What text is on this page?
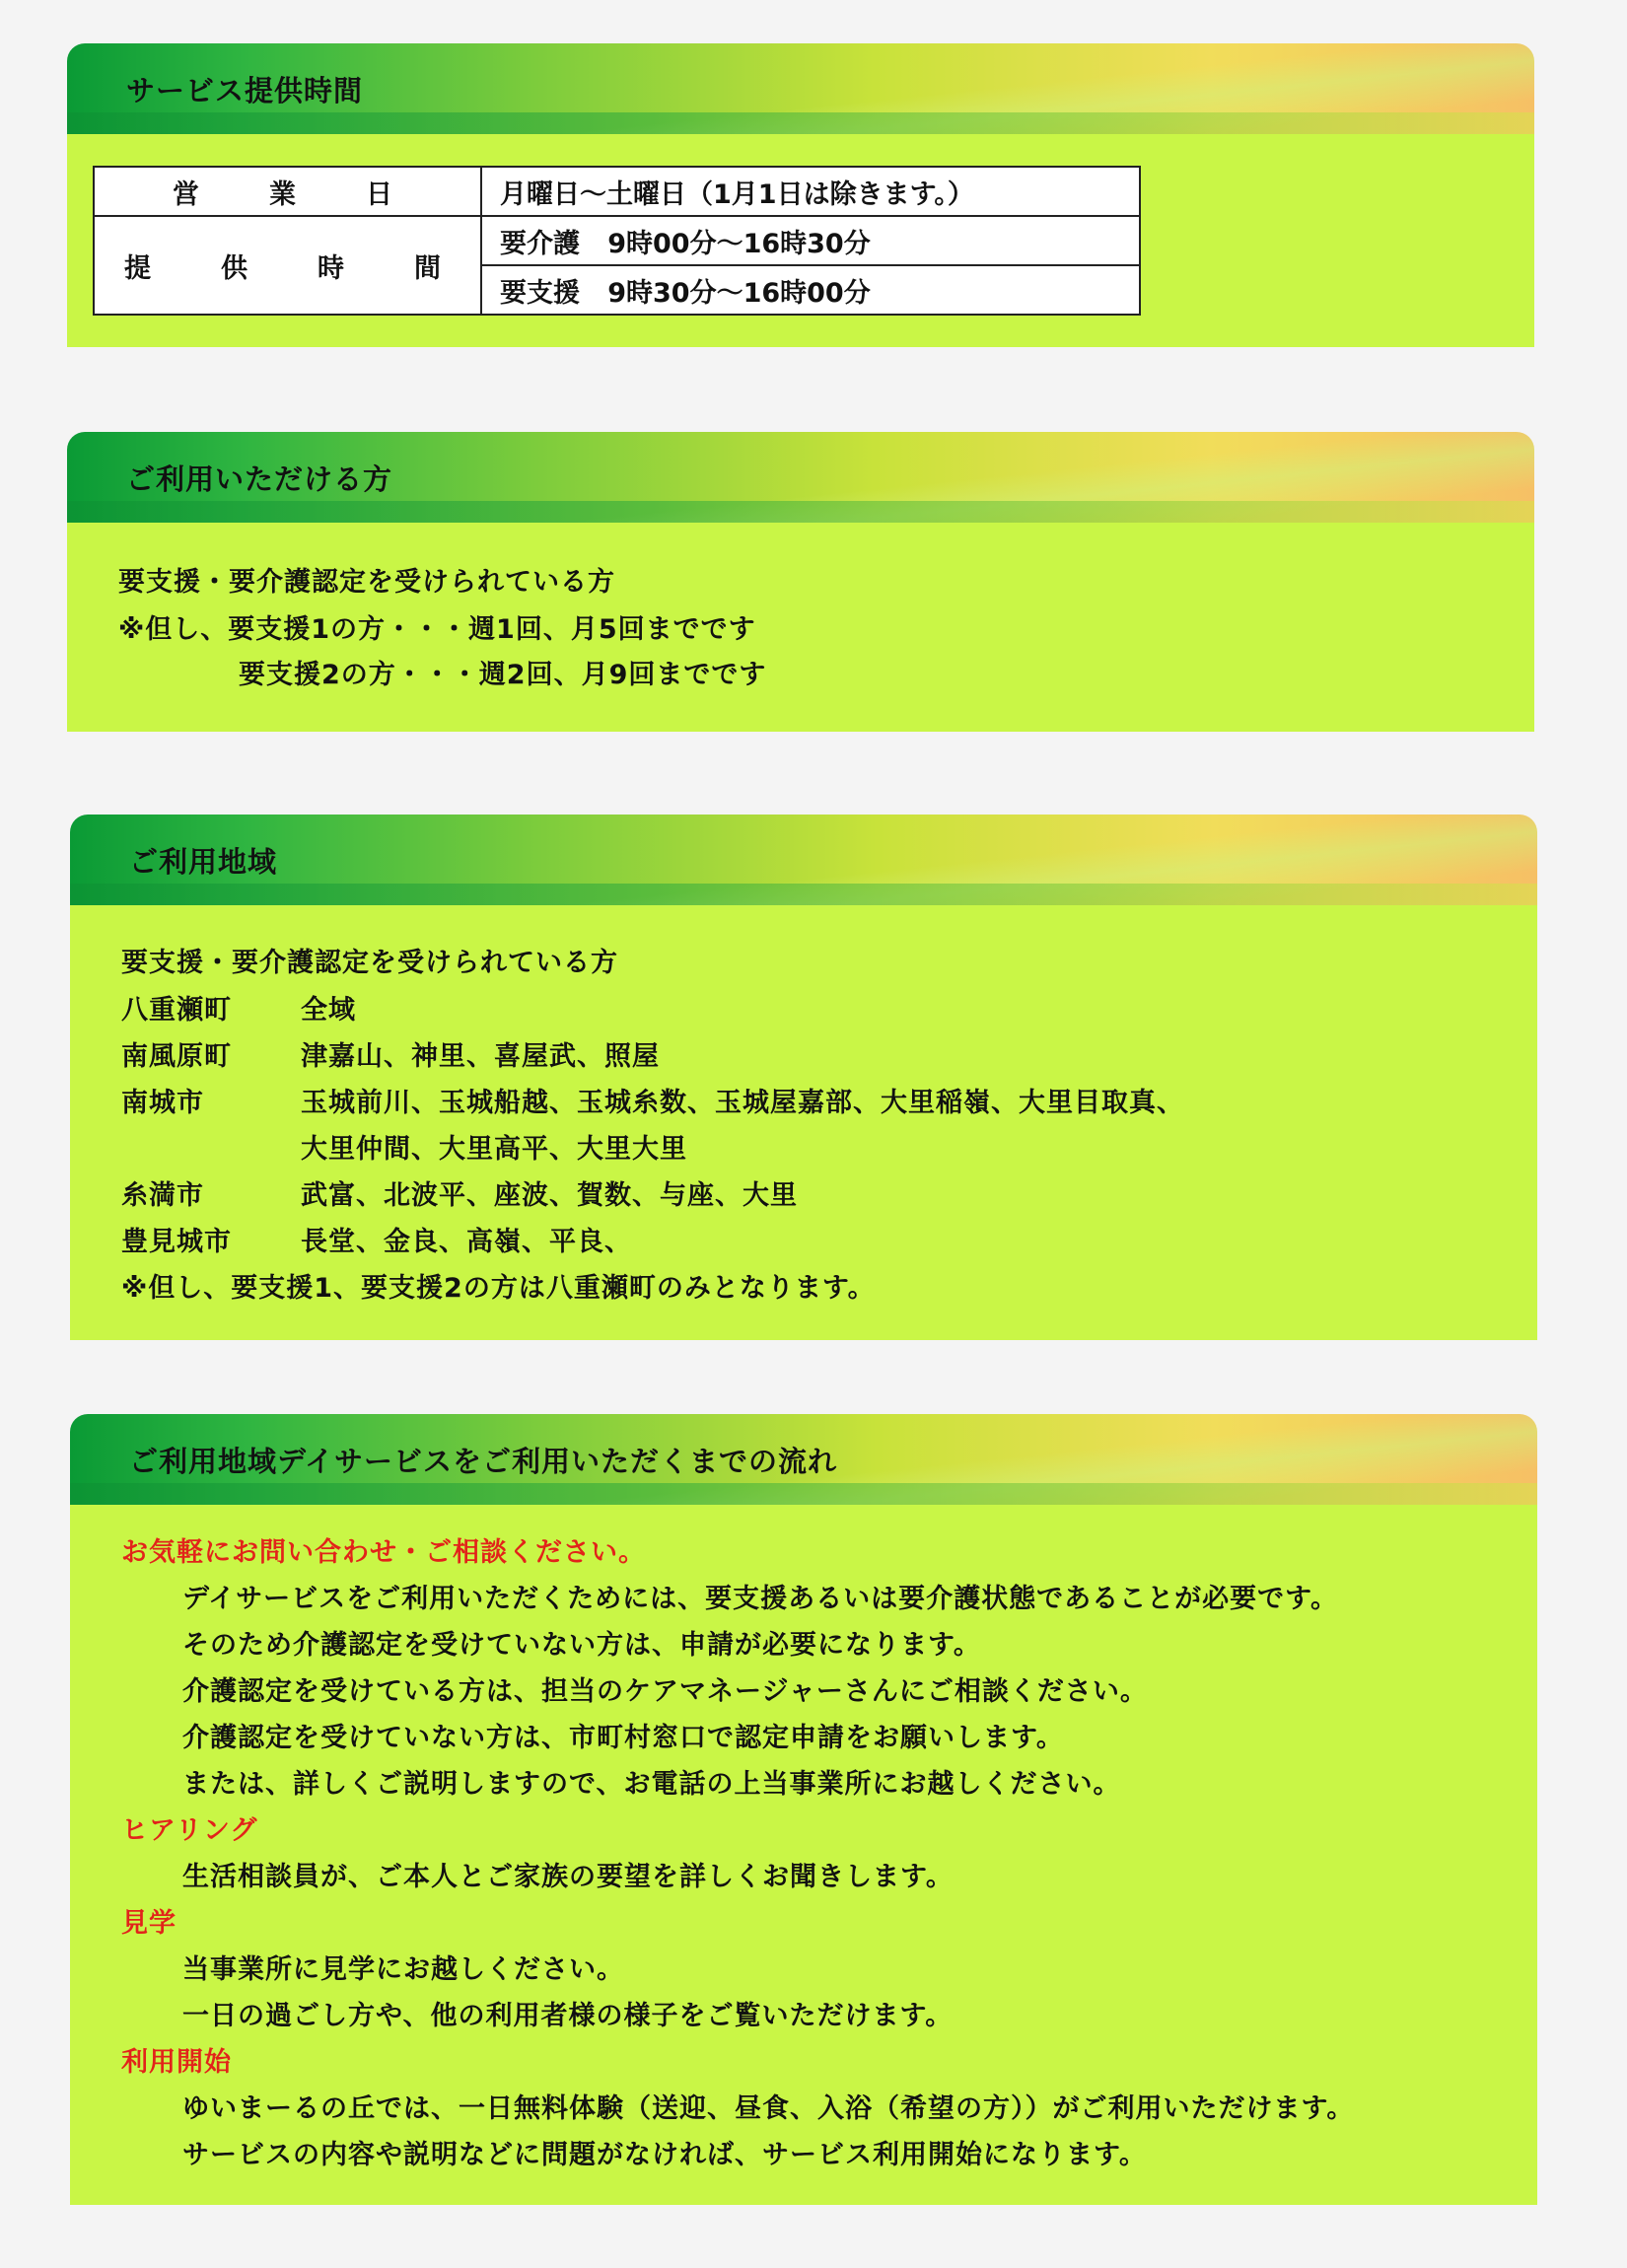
サービス提供時間
営　業　日	月曜日～土曜日（1月1日は除きます。）
提　供　時　間	要介護 9時00分～16時30分
	要支援 9時30分～16時00分
ご利用いただける方
要支援・要介護認定を受けられている方
※但し、要支援1の方・・・週1回、月5回までです
要支援2の方・・・週2回、月9回までです
ご利用地域
要支援・要介護認定を受けられている方
八重瀬町	全域
南風原町	津嘉山、神里、喜屋武、照屋
南城市	玉城前川、玉城船越、玉城糸数、玉城屋嘉部、大里稲嶺、大里目取真、
大里仲間、大里高平、大里大里
糸満市	武富、北波平、座波、賀数、与座、大里
豊見城市	長堂、金良、高嶺、平良、
※但し、要支援1、要支援2の方は八重瀬町のみとなります。
ご利用地域デイサービスをご利用いただくまでの流れ
お気軽にお問い合わせ・ご相談ください。
デイサービスをご利用いただくためには、要支援あるいは要介護状態であることが必要です。
そのため介護認定を受けていない方は、申請が必要になります。
介護認定を受けている方は、担当のケアマネージャーさんにご相談ください。
介護認定を受けていない方は、市町村窓口で認定申請をお願いします。
または、詳しくご説明しますので、お電話の上当事業所にお越しください。
ヒアリング
生活相談員が、ご本人とご家族の要望を詳しくお聞きします。
見学
当事業所に見学にお越しください。
一日の過ごし方や、他の利用者様の様子をご覧いただけます。
利用開始
ゆいまーるの丘では、一日無料体験（送迎、昼食、入浴（希望の方））がご利用いただけます。
サービスの内容や説明などに問題がなければ、サービス利用開始になります。
